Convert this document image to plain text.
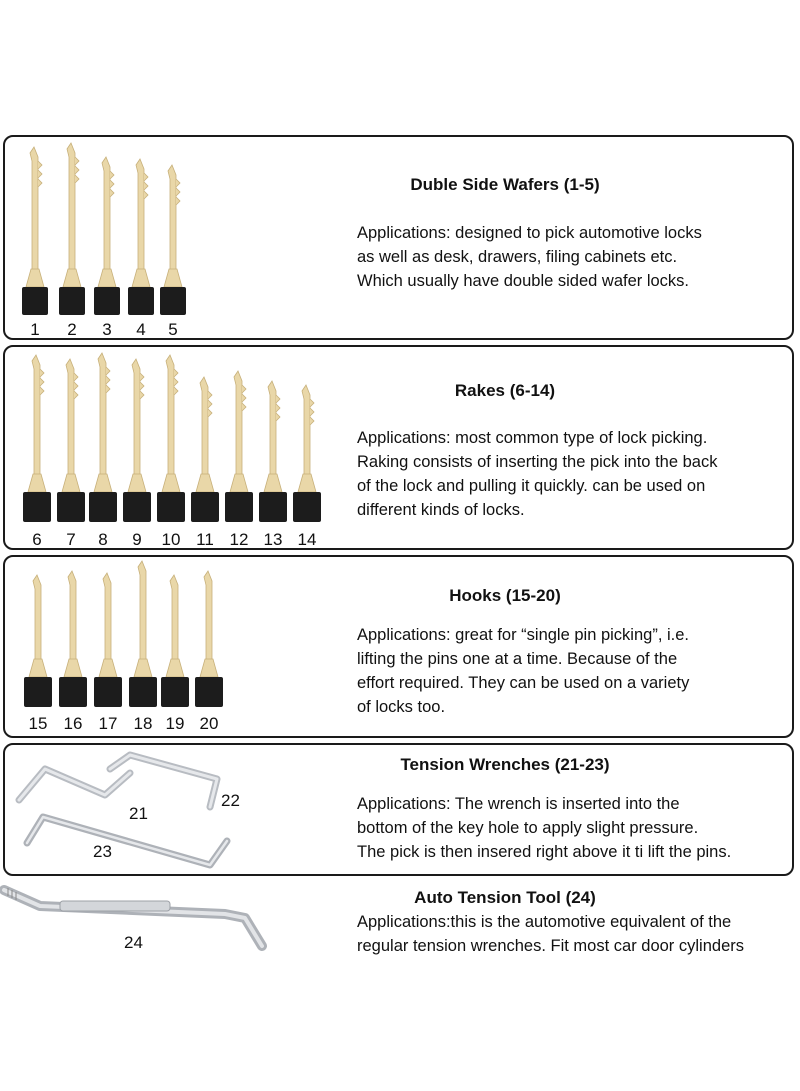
1 2 3 4 5
Duble Side Wafers (1-5)

Applications: designed to pick automotive locks
as well as desk, drawers, filing cabinets etc.
Which usually have double sided wafer locks.

6 7 8 9 10 11 12 13 14
Rakes (6-14)

Applications: most common type of lock picking.
Raking consists of inserting the pick into the back
of the lock and pulling it quickly. can be used on
different kinds of locks.

15 16 17 18 19 20
Hooks (15-20)

Applications: great for “single pin picking”, i.e.
lifting the pins one at a time. Because of the
effort required. They can be used on a variety
of locks too.

21
22
23
Tension Wrenches (21-23)

Applications: The wrench is inserted into the
bottom of the key hole to apply slight pressure.
The pick is then insered right above it ti lift the pins.

24
Auto Tension Tool (24)

Applications:this is the automotive equivalent of the
regular tension wrenches. Fit most car door cylinders
